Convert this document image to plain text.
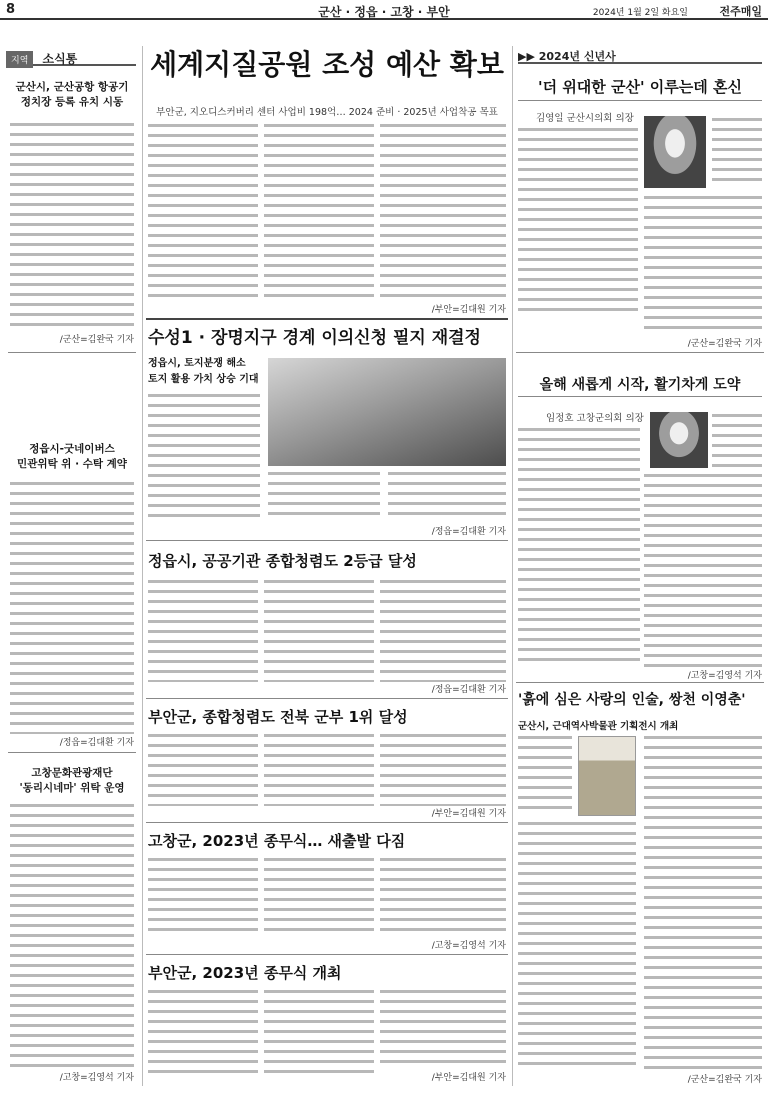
8	군산 · 정읍 · 고창 · 부안	2024년 1월 2일 화요일	전주매일
지역 소식통
군산시, 군산공항 항공기
정치장 등록 유치 시동
/군산=김완국 기자
정읍시-굿네이버스
민관위탁 위 · 수탁 계약
/정읍=김대환 기자
고창문화관광재단
'동리시네마' 위탁 운영
/고창=김영석 기자
세계지질공원 조성 예산 확보
부안군, 지오디스커버리 센터 사업비 198억… 2024 준비 · 2025년 사업착공 목표
/부안=김대원 기자
수성1 · 장명지구 경계 이의신청 필지 재결정
정읍시, 토지분쟁 해소
토지 활용 가치 상승 기대
/정읍=김대환 기자
정읍시, 공공기관 종합청렴도 2등급 달성
/정읍=김대환 기자
부안군, 종합청렴도 전북 군부 1위 달성
/부안=김대원 기자
고창군, 2023년 종무식… 새출발 다짐
/고창=김영석 기자
부안군, 2023년 종무식 개최
/부안=김대원 기자
▶▶ 2024년 신년사
'더 위대한 군산' 이루는데 혼신
김영일 군산시의회 의장
/군산=김완국 기자
올해 새롭게 시작, 활기차게 도약
임정호 고창군의회 의장
/고창=김영석 기자
'흙에 심은 사랑의 인술, 쌍천 이영춘'
군산시, 근대역사박물관 기획전시 개최
/군산=김완국 기자
